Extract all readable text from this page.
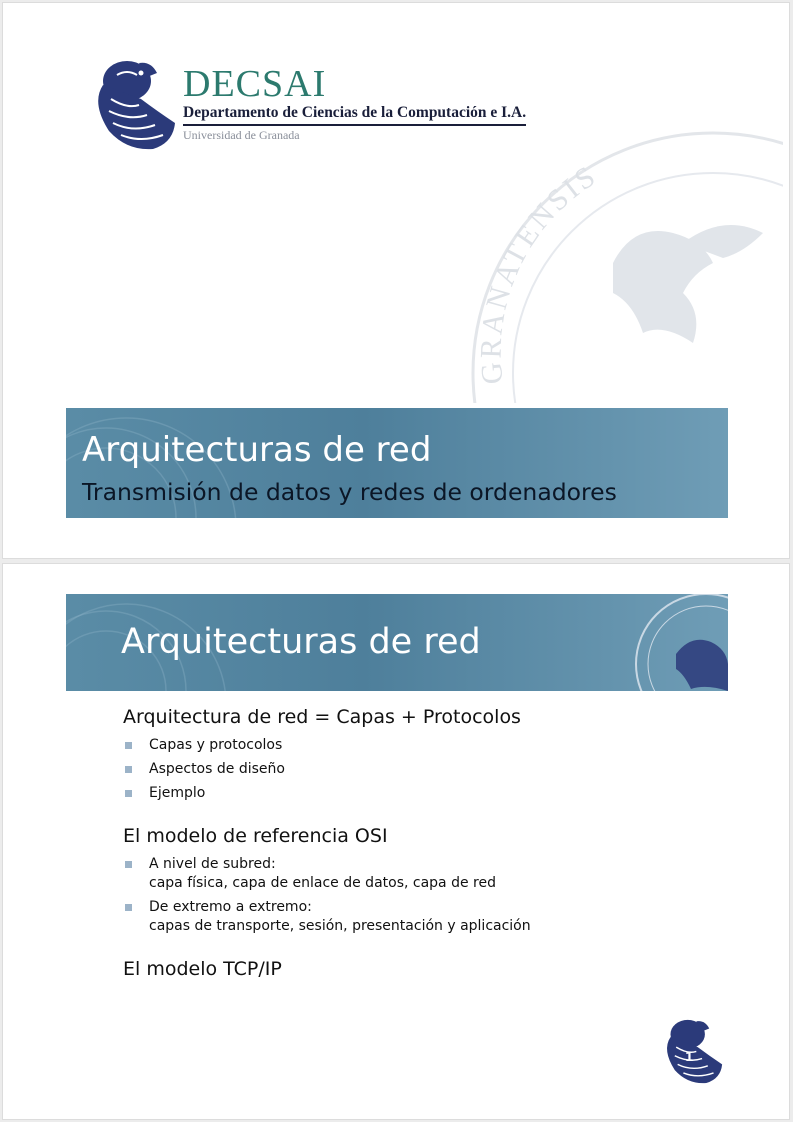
DECSAI
Departamento de Ciencias de la Computación e I.A.
Universidad de Granada
GRANATENSIS
Arquitecturas de red
Transmisión de datos y redes de ordenadores
Arquitecturas de red

Arquitectura de red = Capas + Protocolos

Capas y protocolos
Aspectos de diseño
Ejemplo

El modelo de referencia OSI

A nivel de subred:
capa física, capa de enlace de datos, capa de red
De extremo a extremo:
capas de transporte, sesión, presentación y aplicación

El modelo TCP/IP

1
